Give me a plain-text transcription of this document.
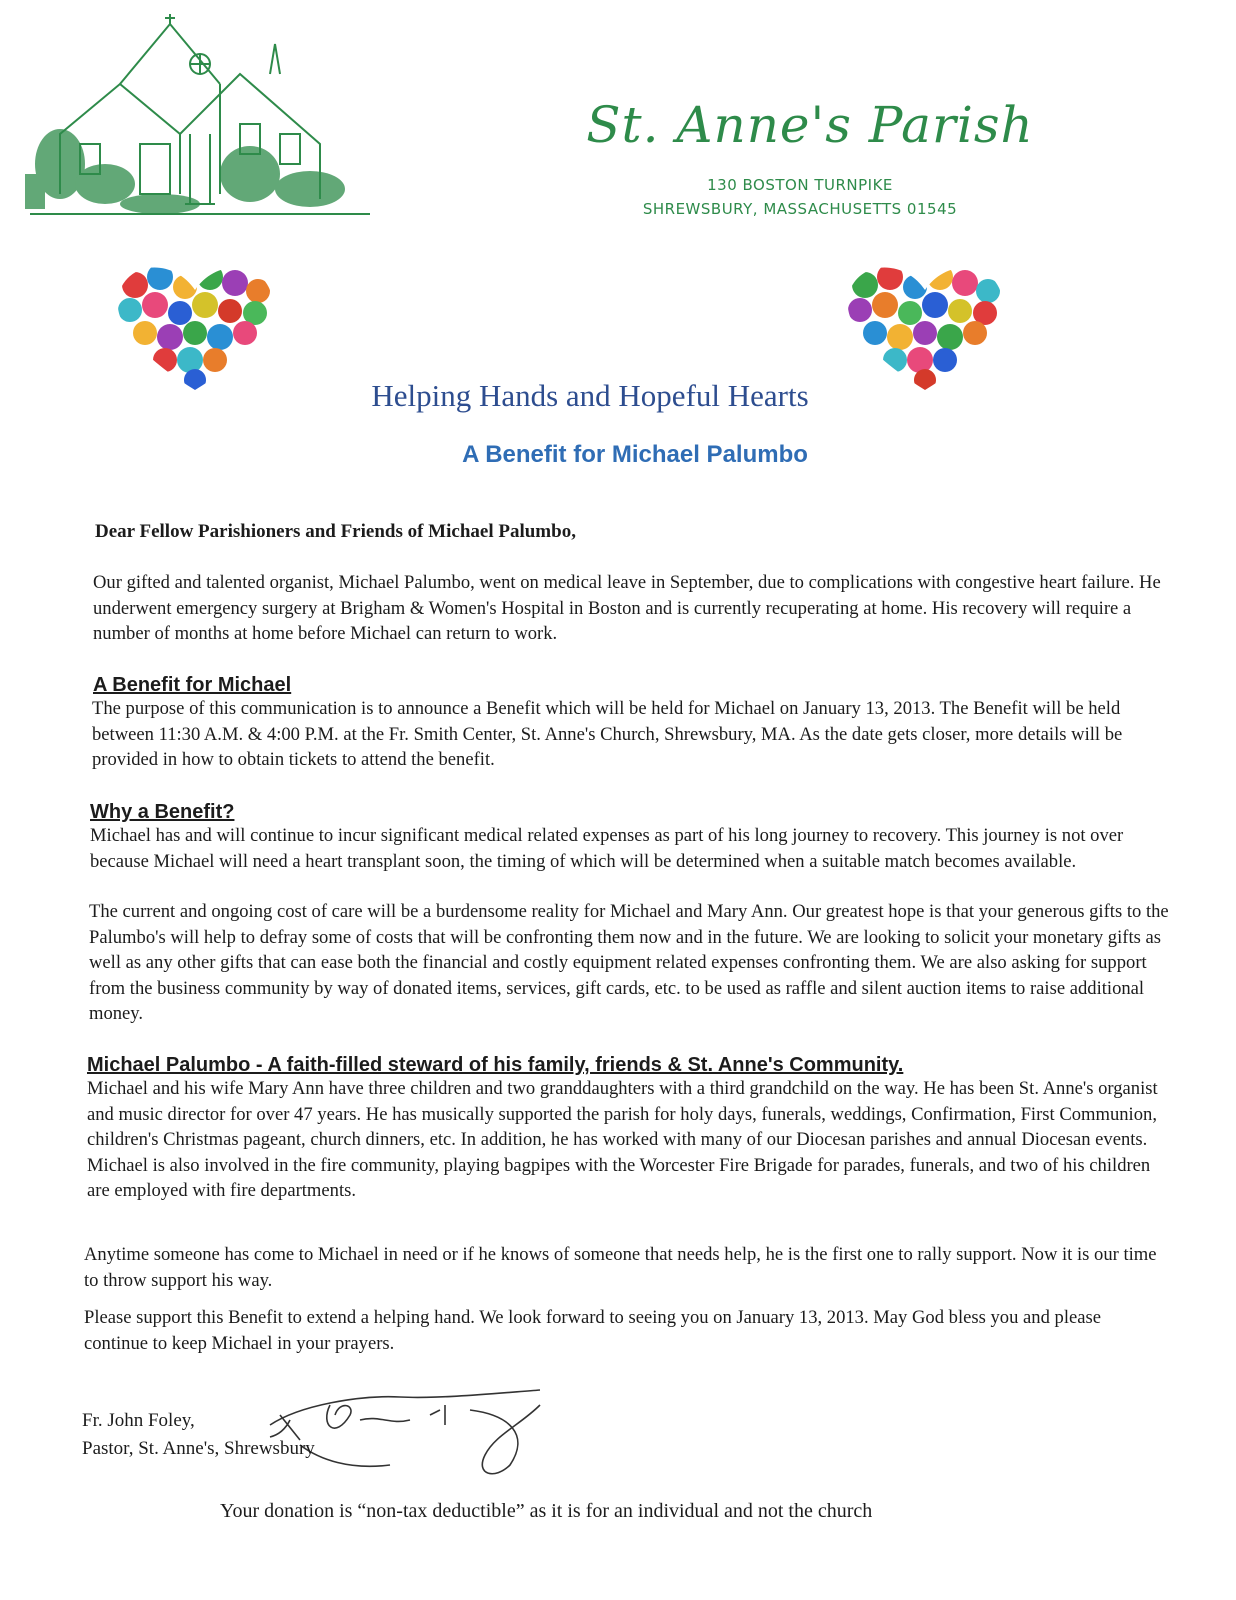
St. Anne's Parish
130 BOSTON TURNPIKE
SHREWSBURY, MASSACHUSETTS 01545
Helping Hands and Hopeful Hearts
A Benefit for Michael Palumbo
Dear Fellow Parishioners and Friends of Michael Palumbo,
Our gifted and talented organist, Michael Palumbo, went on medical leave in September, due to complications with congestive heart failure. He underwent emergency surgery at Brigham & Women's Hospital in Boston and is currently recuperating at home. His recovery will require a number of months at home before Michael can return to work.
A Benefit for Michael
The purpose of this communication is to announce a Benefit which will be held for Michael on January 13, 2013. The Benefit will be held between 11:30 A.M. & 4:00 P.M. at the Fr. Smith Center, St. Anne's Church, Shrewsbury, MA. As the date gets closer, more details will be provided in how to obtain tickets to attend the benefit.
Why a Benefit?
Michael has and will continue to incur significant medical related expenses as part of his long journey to recovery. This journey is not over because Michael will need a heart transplant soon, the timing of which will be determined when a suitable match becomes available.
The current and ongoing cost of care will be a burdensome reality for Michael and Mary Ann. Our greatest hope is that your generous gifts to the Palumbo's will help to defray some of costs that will be confronting them now and in the future. We are looking to solicit your monetary gifts as well as any other gifts that can ease both the financial and costly equipment related expenses confronting them. We are also asking for support from the business community by way of donated items, services, gift cards, etc. to be used as raffle and silent auction items to raise additional money.
Michael Palumbo - A faith-filled steward of his family, friends & St. Anne's Community.
Michael and his wife Mary Ann have three children and two granddaughters with a third grandchild on the way. He has been St. Anne's organist and music director for over 47 years. He has musically supported the parish for holy days, funerals, weddings, Confirmation, First Communion, children's Christmas pageant, church dinners, etc. In addition, he has worked with many of our Diocesan parishes and annual Diocesan events. Michael is also involved in the fire community, playing bagpipes with the Worcester Fire Brigade for parades, funerals, and two of his children are employed with fire departments.
Anytime someone has come to Michael in need or if he knows of someone that needs help, he is the first one to rally support. Now it is our time to throw support his way.
Please support this Benefit to extend a helping hand. We look forward to seeing you on January 13, 2013. May God bless you and please continue to keep Michael in your prayers.
Fr. John Foley,
Pastor, St. Anne's, Shrewsbury
Your donation is “non-tax deductible” as it is for an individual and not the church
